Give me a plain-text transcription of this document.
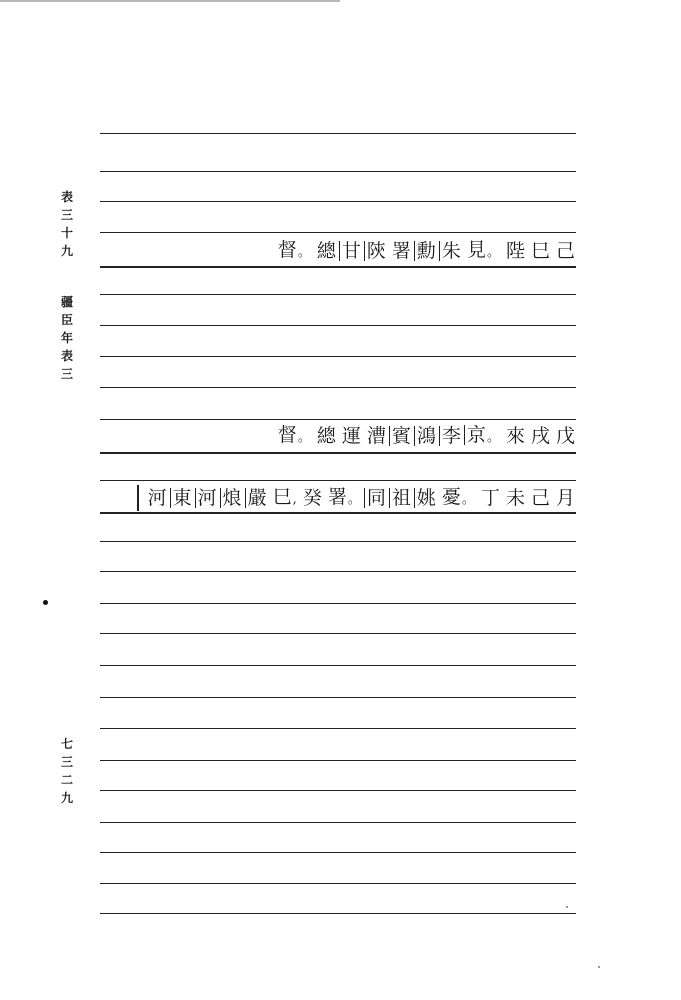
表
三
十
九
疆
臣
年
表
三
七
三
二
九
督。 總 甘 陝 署 勳 朱 見。 陛 巳 己
督。 總 運 漕 賓 鴻 李 京。 來 戌 戊
河 東 河 烺 嚴 巳, 癸 署。 同 祖 姚 憂。 丁 未 己 月
